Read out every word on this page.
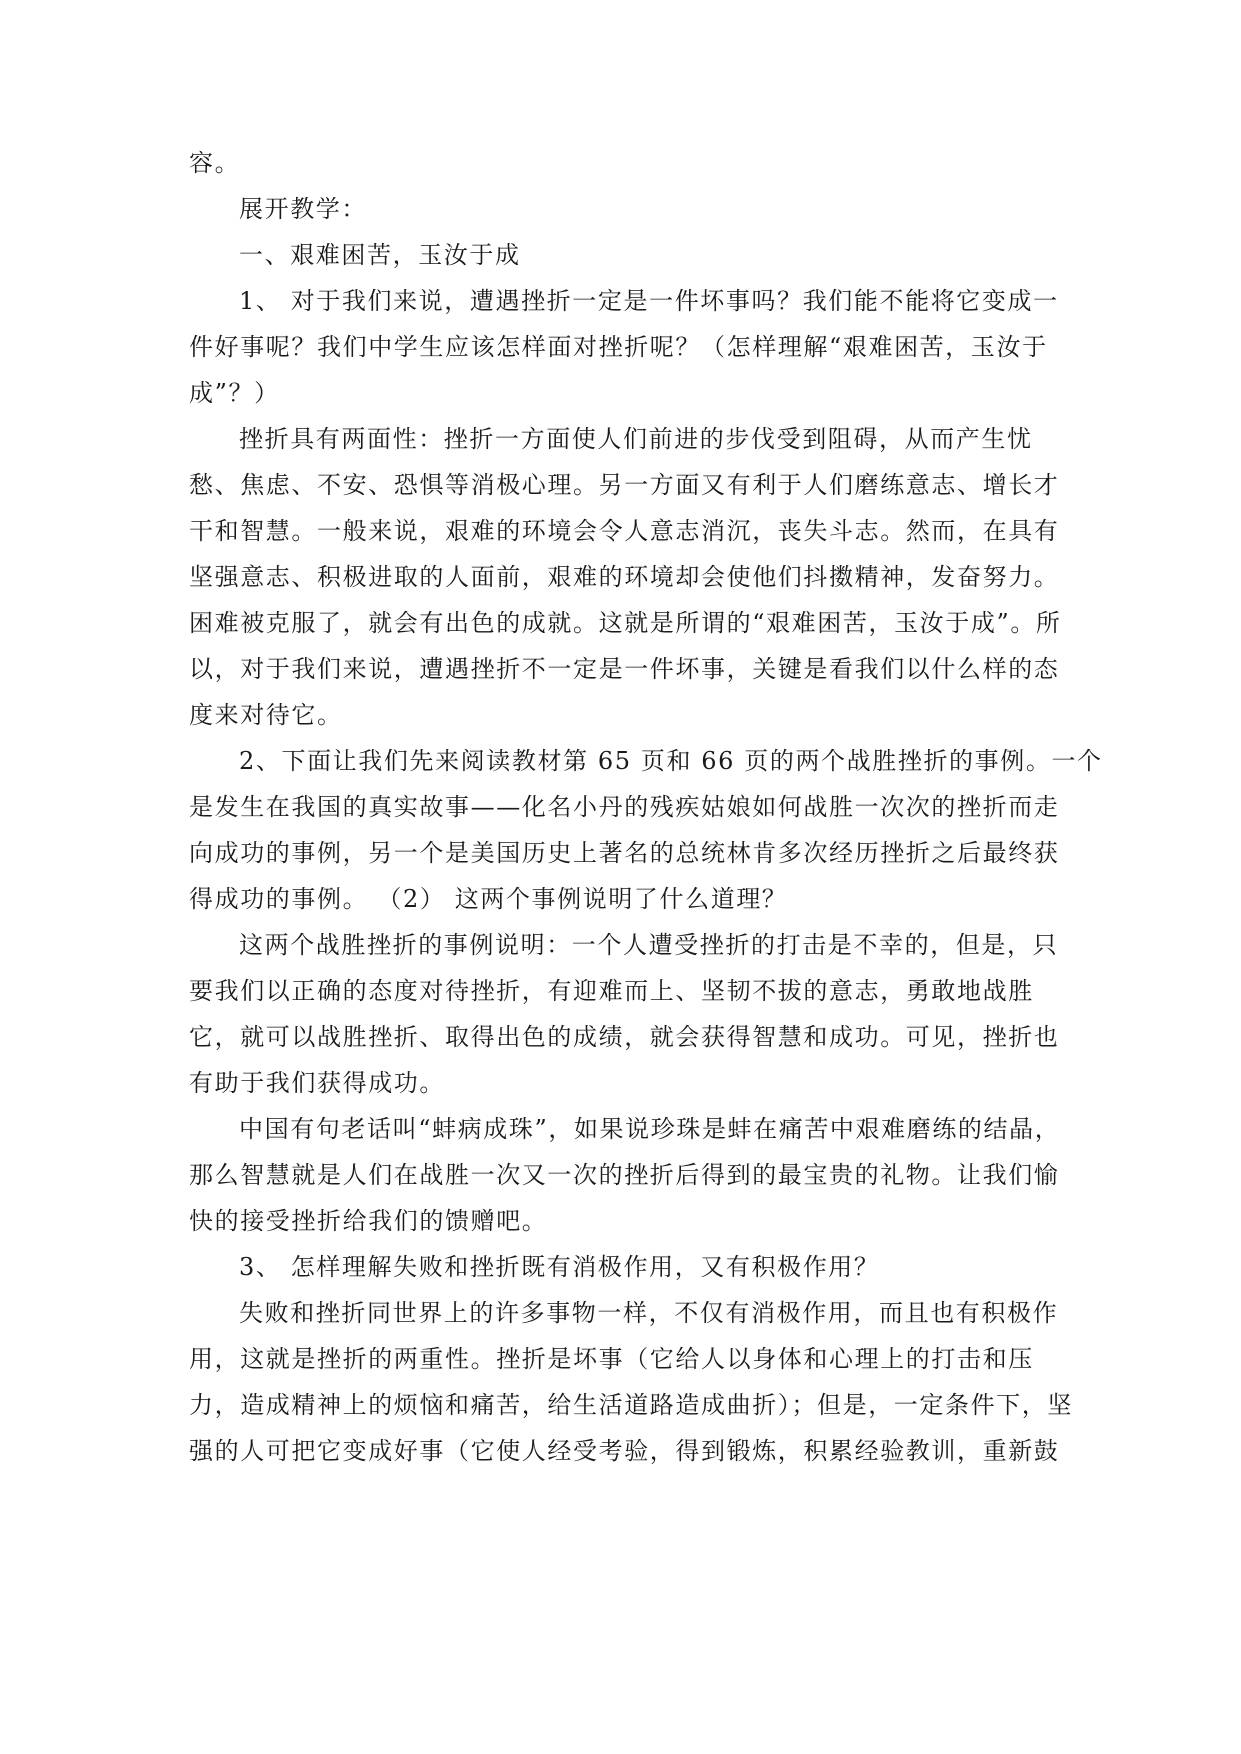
容。
展开教学：
一、艰难困苦，玉汝于成
1、 对于我们来说，遭遇挫折一定是一件坏事吗？我们能不能将它变成一
件好事呢？我们中学生应该怎样面对挫折呢？（怎样理解“艰难困苦，玉汝于
成”？）
挫折具有两面性：挫折一方面使人们前进的步伐受到阻碍，从而产生忧
愁、焦虑、不安、恐惧等消极心理。另一方面又有利于人们磨练意志、增长才
干和智慧。一般来说，艰难的环境会令人意志消沉，丧失斗志。然而，在具有
坚强意志、积极进取的人面前，艰难的环境却会使他们抖擞精神，发奋努力。
困难被克服了，就会有出色的成就。这就是所谓的“艰难困苦，玉汝于成”。所
以，对于我们来说，遭遇挫折不一定是一件坏事，关键是看我们以什么样的态
度来对待它。
2、下面让我们先来阅读教材第 65 页和 66 页的两个战胜挫折的事例。一个
是发生在我国的真实故事——化名小丹的残疾姑娘如何战胜一次次的挫折而走
向成功的事例，另一个是美国历史上著名的总统林肯多次经历挫折之后最终获
得成功的事例。 （2） 这两个事例说明了什么道理？
这两个战胜挫折的事例说明：一个人遭受挫折的打击是不幸的，但是，只
要我们以正确的态度对待挫折，有迎难而上、坚韧不拔的意志，勇敢地战胜
它，就可以战胜挫折、取得出色的成绩，就会获得智慧和成功。可见，挫折也
有助于我们获得成功。
中国有句老话叫“蚌病成珠”，如果说珍珠是蚌在痛苦中艰难磨练的结晶，
那么智慧就是人们在战胜一次又一次的挫折后得到的最宝贵的礼物。让我们愉
快的接受挫折给我们的馈赠吧。
3、 怎样理解失败和挫折既有消极作用，又有积极作用？
失败和挫折同世界上的许多事物一样，不仅有消极作用，而且也有积极作
用，这就是挫折的两重性。挫折是坏事（它给人以身体和心理上的打击和压
力，造成精神上的烦恼和痛苦，给生活道路造成曲折）；但是，一定条件下，坚
强的人可把它变成好事（它使人经受考验，得到锻炼，积累经验教训，重新鼓
